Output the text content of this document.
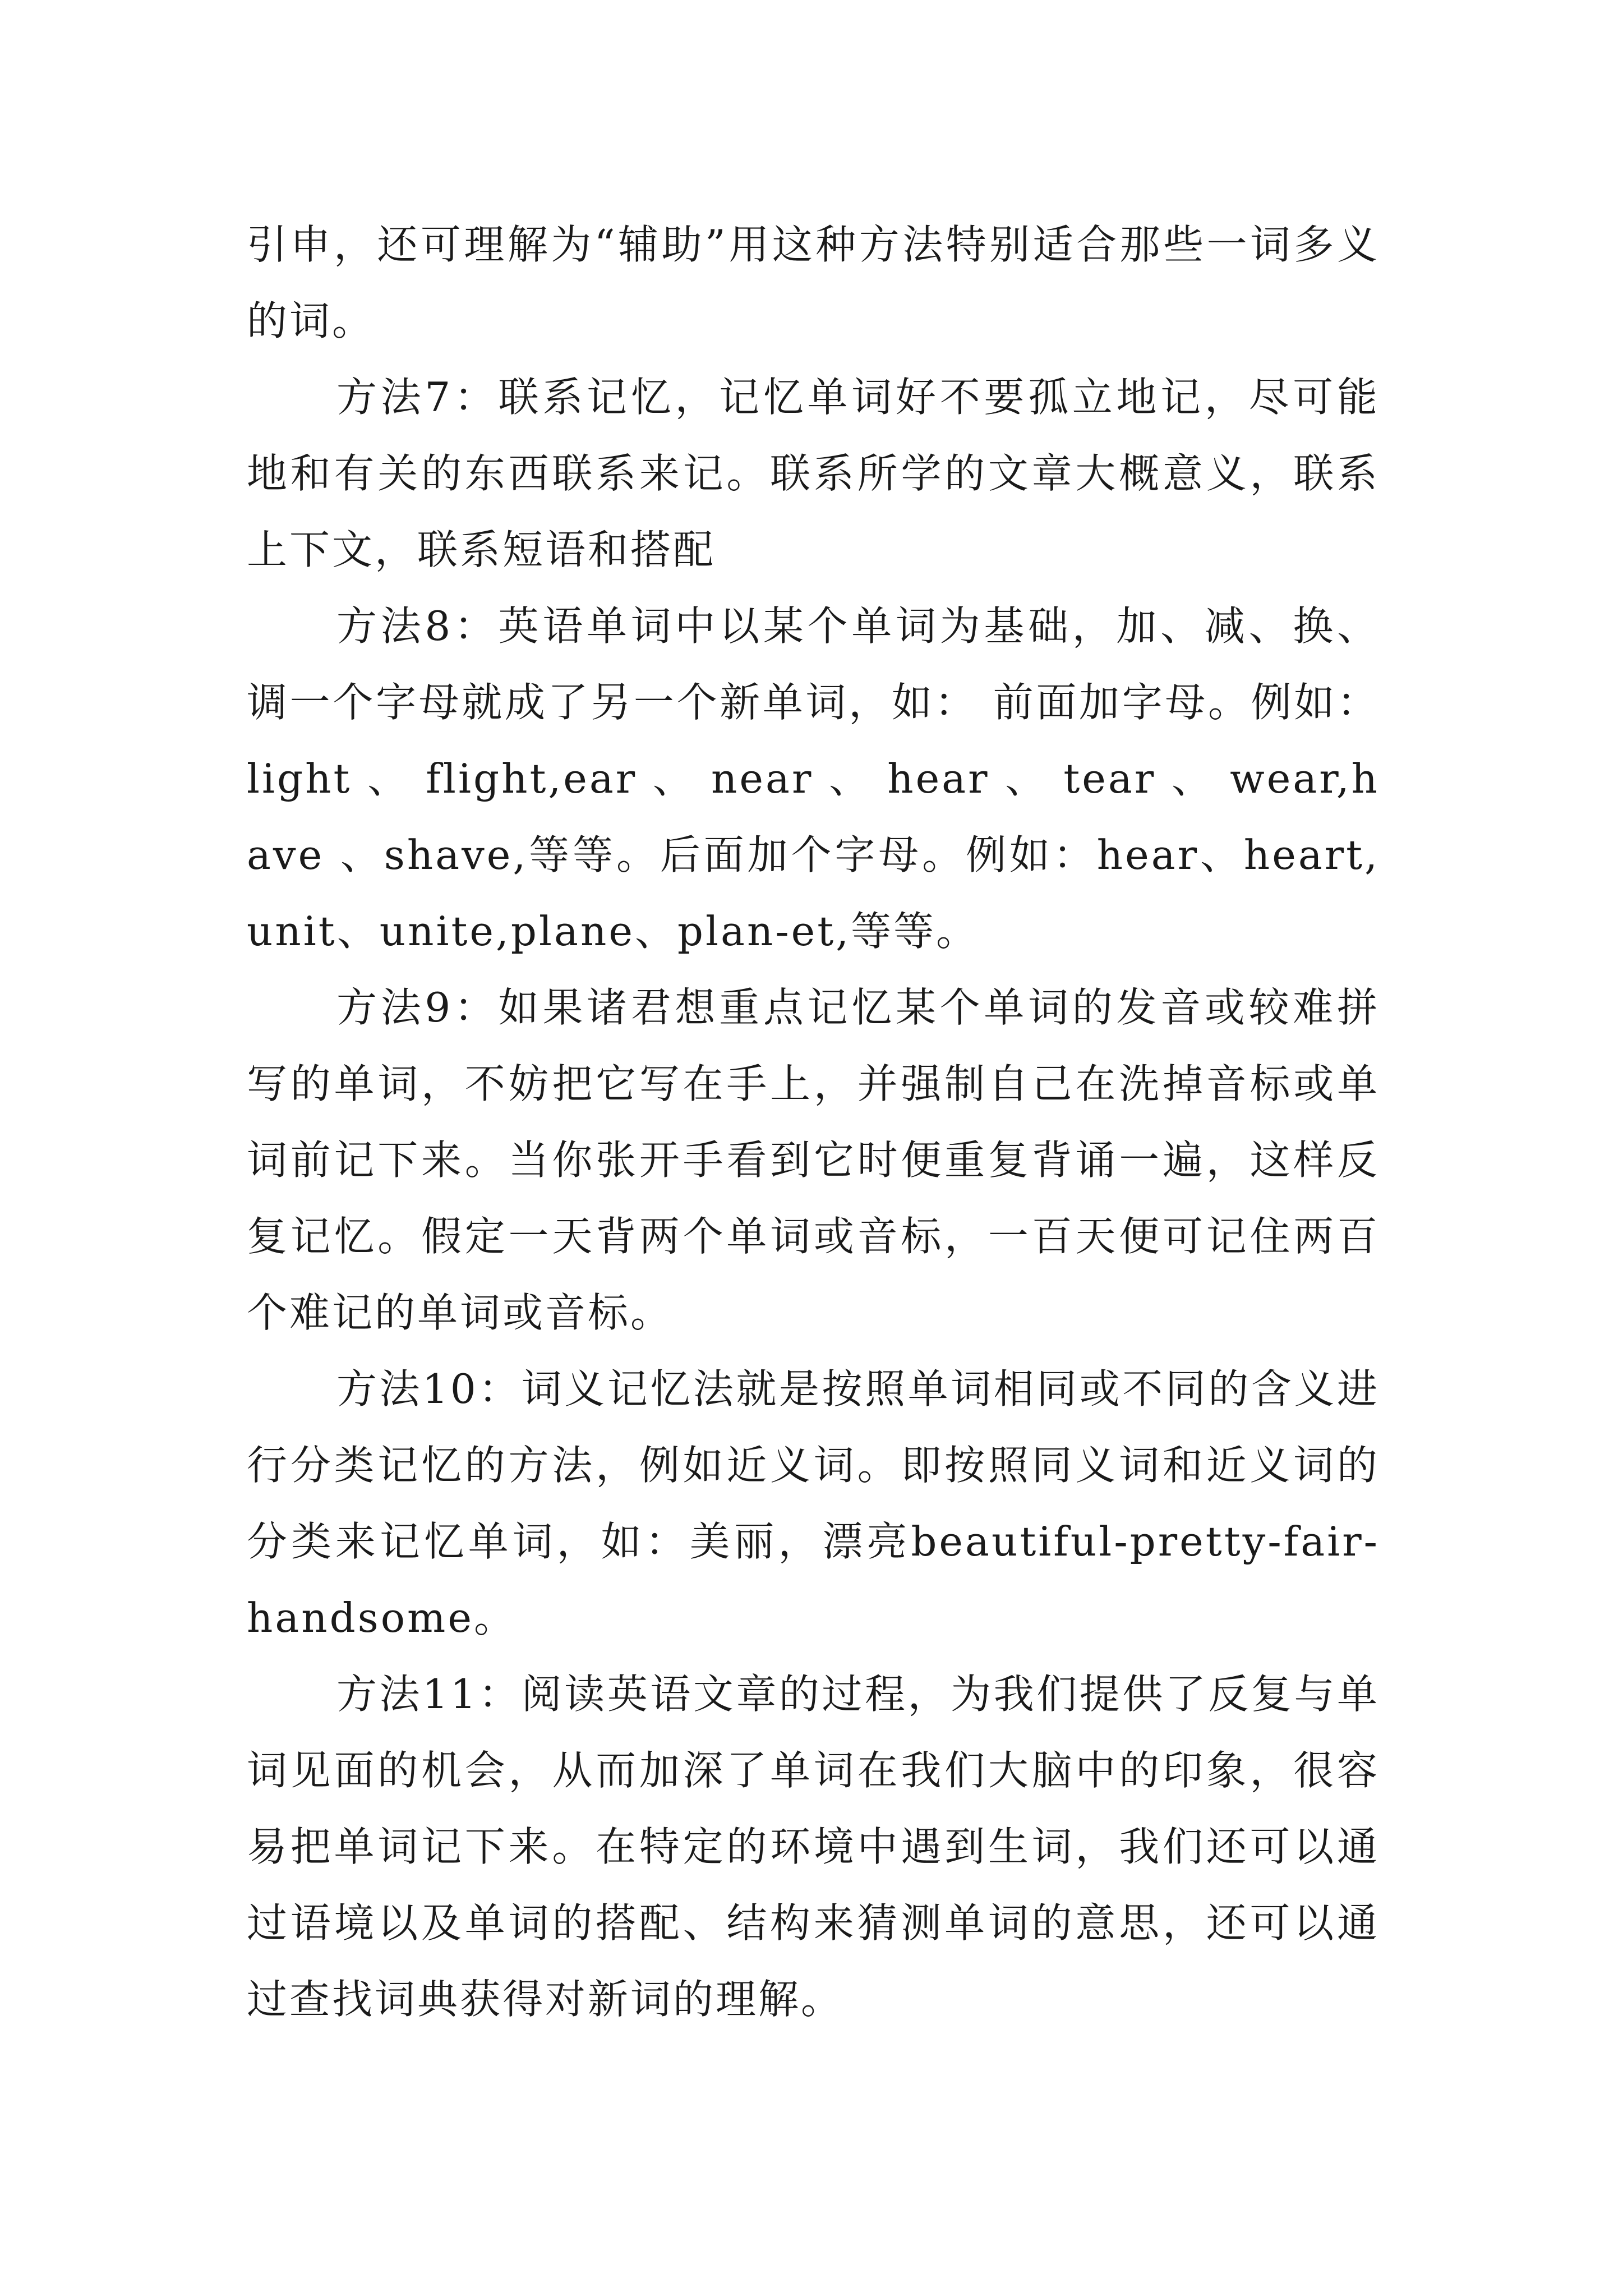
引申，还可理解为“辅助”用这种方法特别适合那些一词多义的词。

方法7：联系记忆，记忆单词好不要孤立地记，尽可能地和有关的东西联系来记。联系所学的文章大概意义，联系上下文，联系短语和搭配

方法8：英语单词中以某个单词为基础，加、减、换、调一个字母就成了另一个新单词，如： 前面加字母。例如：light 、 flight,ear 、 near 、 hear 、 tear 、 wear,have 、shave,等等。后面加个字母。例如：hear、heart,unit、unite,plane、plan-et,等等。

方法9：如果诸君想重点记忆某个单词的发音或较难拼写的单词，不妨把它写在手上，并强制自己在洗掉音标或单词前记下来。当你张开手看到它时便重复背诵一遍，这样反复记忆。假定一天背两个单词或音标，一百天便可记住两百个难记的单词或音标。

方法10：词义记忆法就是按照单词相同或不同的含义进行分类记忆的方法，例如近义词。即按照同义词和近义词的分类来记忆单词，如：美丽，漂亮beautiful-pretty-fair-handsome。

方法11：阅读英语文章的过程，为我们提供了反复与单词见面的机会，从而加深了单词在我们大脑中的印象，很容易把单词记下来。在特定的环境中遇到生词，我们还可以通过语境以及单词的搭配、结构来猜测单词的意思，还可以通过查找词典获得对新词的理解。
